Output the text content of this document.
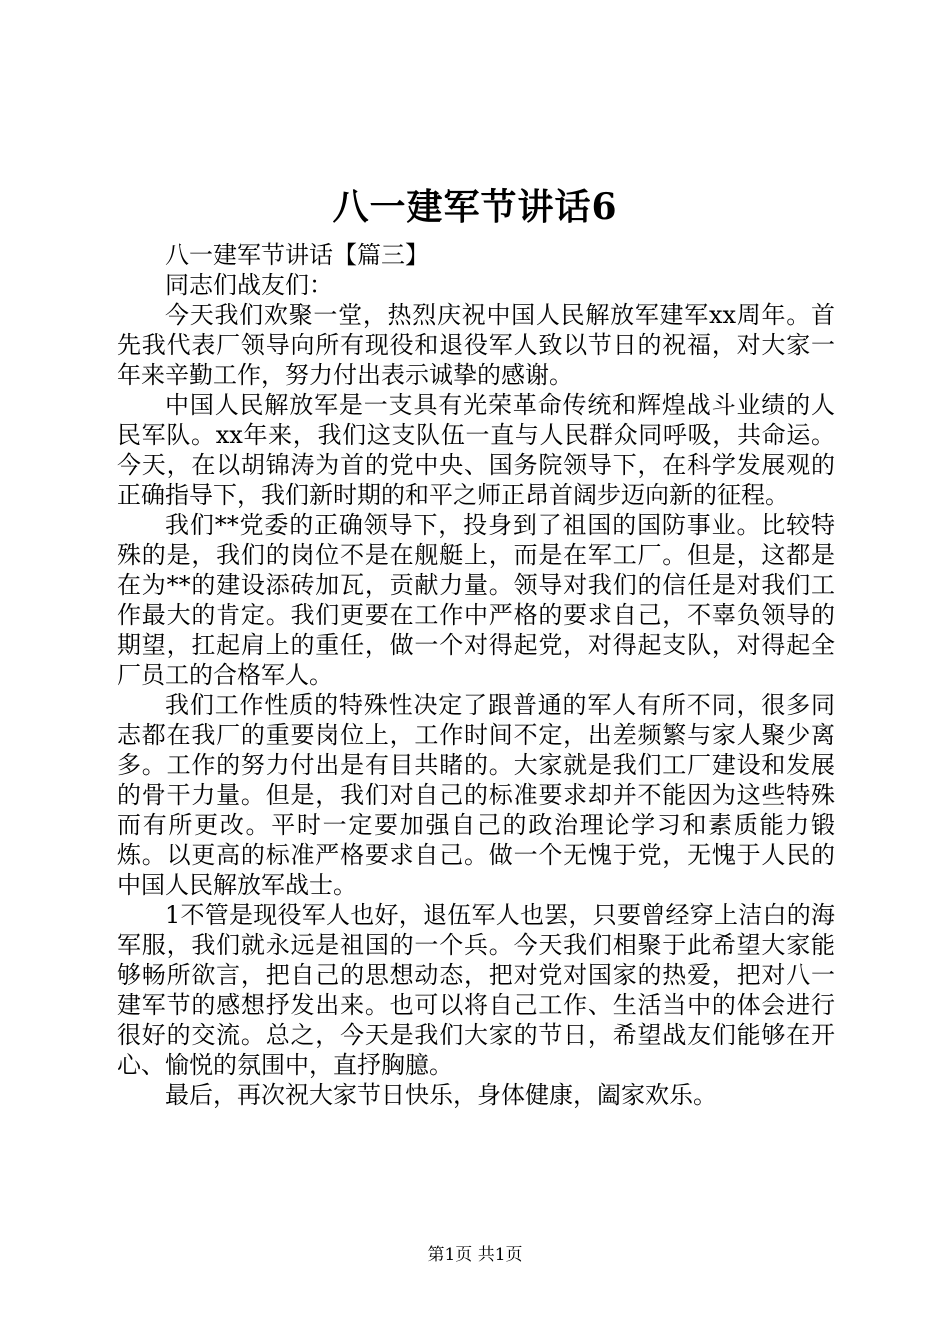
八一建军节讲话6

八一建军节讲话【篇三】

同志们战友们：

今天我们欢聚一堂，热烈庆祝中国人民解放军建军xx周年。首先我代表厂领导向所有现役和退役军人致以节日的祝福，对大家一年来辛勤工作，努力付出表示诚挚的感谢。

中国人民解放军是一支具有光荣革命传统和辉煌战斗业绩的人民军队。xx年来，我们这支队伍一直与人民群众同呼吸，共命运。今天，在以胡锦涛为首的党中央、国务院领导下，在科学发展观的正确指导下，我们新时期的和平之师正昂首阔步迈向新的征程。

我们**党委的正确领导下，投身到了祖国的国防事业。比较特殊的是，我们的岗位不是在舰艇上，而是在军工厂。但是，这都是在为**的建设添砖加瓦，贡献力量。领导对我们的信任是对我们工作最大的肯定。我们更要在工作中严格的要求自己，不辜负领导的期望，扛起肩上的重任，做一个对得起党，对得起支队，对得起全厂员工的合格军人。

我们工作性质的特殊性决定了跟普通的军人有所不同，很多同志都在我厂的重要岗位上，工作时间不定，出差频繁与家人聚少离多。工作的努力付出是有目共睹的。大家就是我们工厂建设和发展的骨干力量。但是，我们对自己的标准要求却并不能因为这些特殊而有所更改。平时一定要加强自己的政治理论学习和素质能力锻炼。以更高的标准严格要求自己。做一个无愧于党，无愧于人民的中国人民解放军战士。

1不管是现役军人也好，退伍军人也罢，只要曾经穿上洁白的海军服，我们就永远是祖国的一个兵。今天我们相聚于此希望大家能够畅所欲言，把自己的思想动态，把对党对国家的热爱，把对八一建军节的感想抒发出来。也可以将自己工作、生活当中的体会进行很好的交流。总之，今天是我们大家的节日，希望战友们能够在开心、愉悦的氛围中，直抒胸臆。

最后，再次祝大家节日快乐，身体健康，阖家欢乐。

第1页 共1页
